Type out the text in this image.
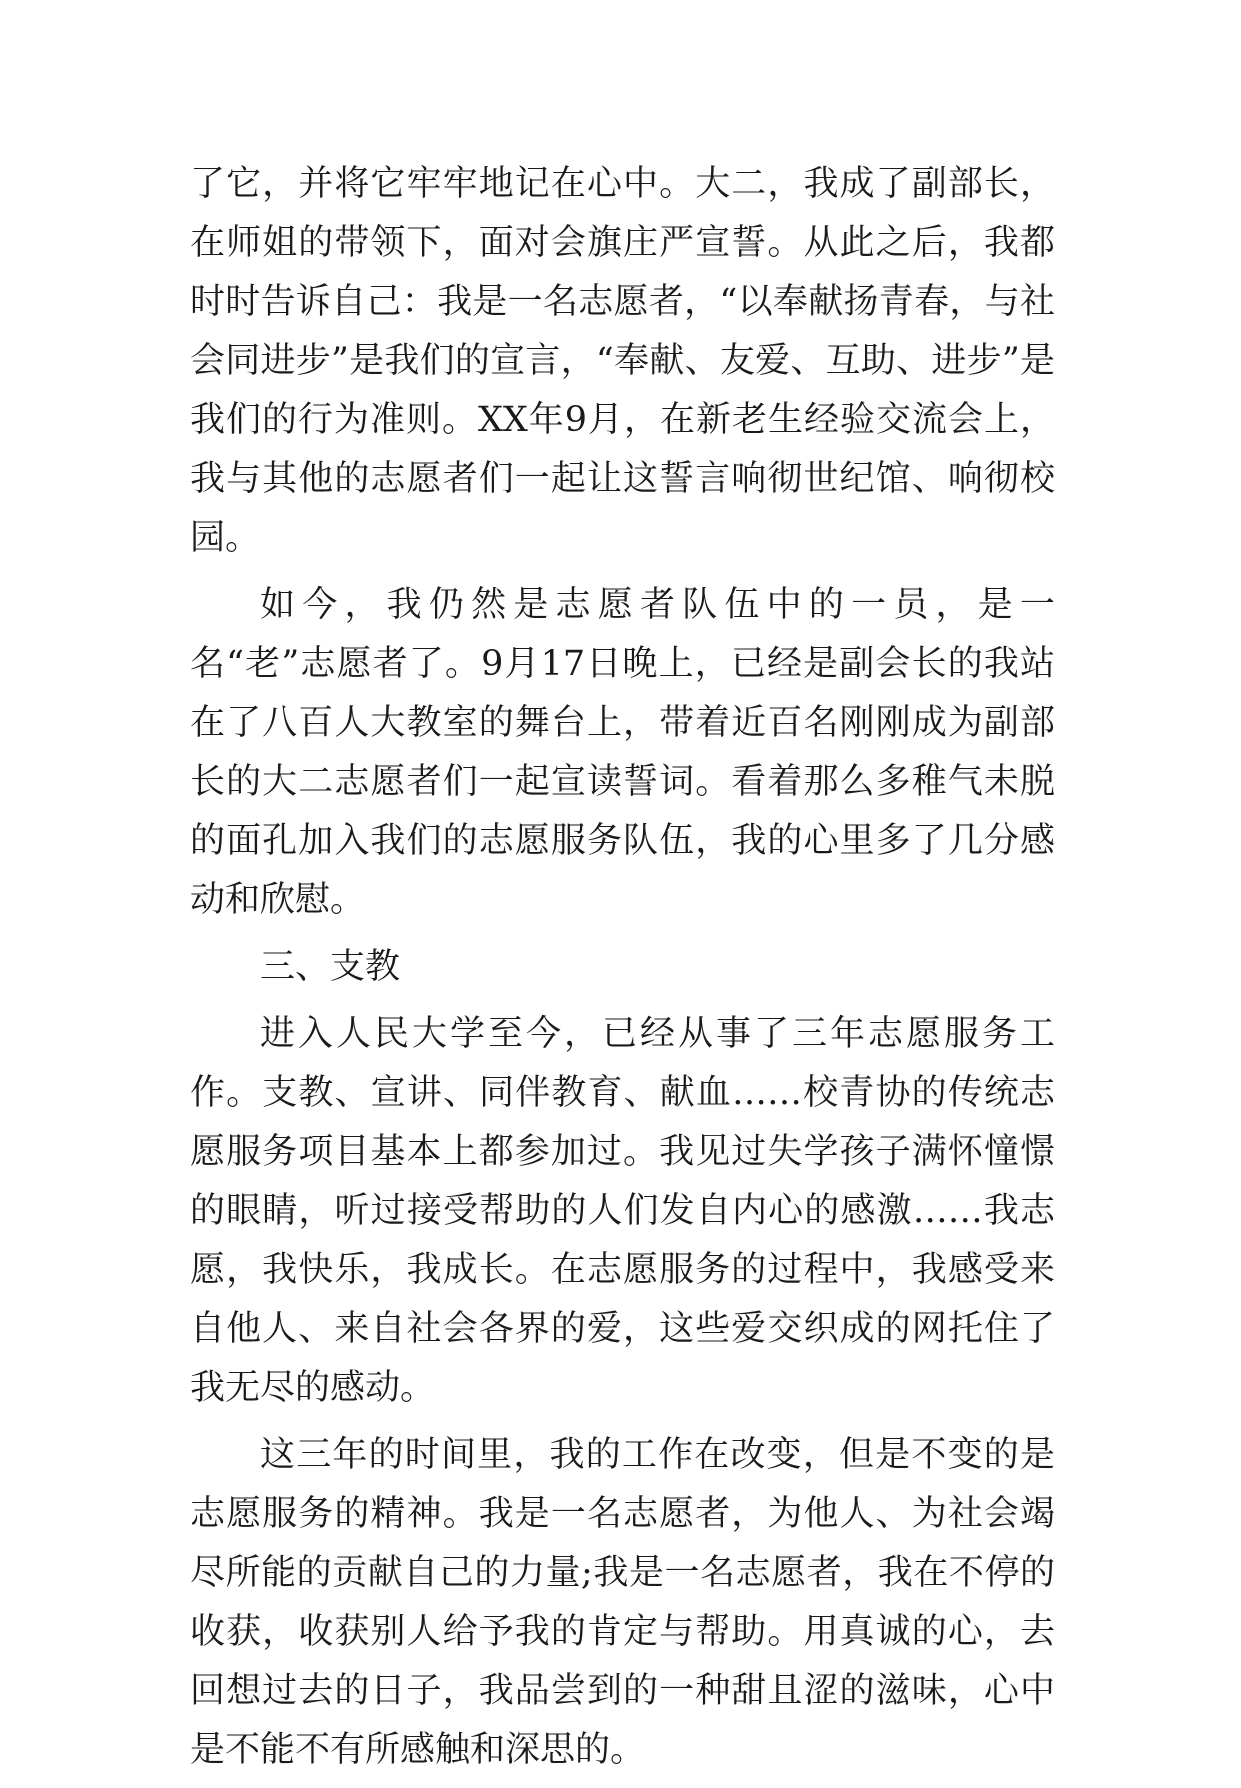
了它，并将它牢牢地记在心中。大二，我成了副部长，在师姐的带领下，面对会旗庄严宣誓。从此之后，我都时时告诉自己：我是一名志愿者，“以奉献扬青春，与社会同进步”是我们的宣言，“奉献、友爱、互助、进步”是我们的行为准则。XX年9月，在新老生经验交流会上，我与其他的志愿者们一起让这誓言响彻世纪馆、响彻校园。

如今，我仍然是志愿者队伍中的一员，是一名“老”志愿者了。9月17日晚上，已经是副会长的我站在了八百人大教室的舞台上，带着近百名刚刚成为副部长的大二志愿者们一起宣读誓词。看着那么多稚气未脱的面孔加入我们的志愿服务队伍，我的心里多了几分感动和欣慰。

三、支教

进入人民大学至今，已经从事了三年志愿服务工作。支教、宣讲、同伴教育、献血……校青协的传统志愿服务项目基本上都参加过。我见过失学孩子满怀憧憬的眼睛，听过接受帮助的人们发自内心的感激……我志愿，我快乐，我成长。在志愿服务的过程中，我感受来自他人、来自社会各界的爱，这些爱交织成的网托住了我无尽的感动。

这三年的时间里，我的工作在改变，但是不变的是志愿服务的精神。我是一名志愿者，为他人、为社会竭尽所能的贡献自己的力量;我是一名志愿者，我在不停的收获，收获别人给予我的肯定与帮助。用真诚的心，去回想过去的日子，我品尝到的一种甜且涩的滋味，心中是不能不有所感触和深思的。
